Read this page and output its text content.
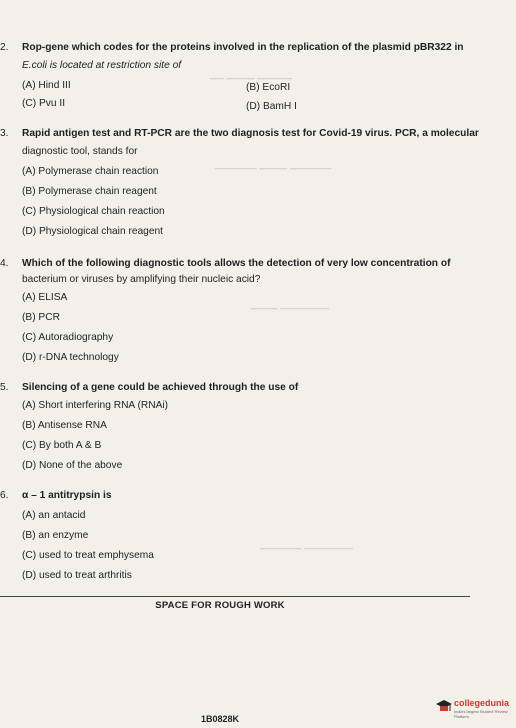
▁▁ ▁▁▁▁ ▁▁▁▁▁
▁▁▁▁▁▁ ▁▁▁▁ ▁▁▁▁▁▁
▁▁▁▁ ▁▁▁▁▁▁▁
▁▁▁▁▁▁ ▁▁▁▁▁▁▁
2. Rop-gene which codes for the proteins involved in the replication of the plasmid pBR322 in
E.coli is located at restriction site of
(A) Hind III	(B) EcoRI
(C) Pvu II	(D) BamH I
3. Rapid antigen test and RT-PCR are the two diagnosis test for Covid-19 virus. PCR, a molecular
diagnostic tool, stands for
(A) Polymerase chain reaction
(B) Polymerase chain reagent
(C) Physiological chain reaction
(D) Physiological chain reagent
4. Which of the following diagnostic tools allows the detection of very low concentration of
bacterium or viruses by amplifying their nucleic acid?
(A) ELISA
(B) PCR
(C) Autoradiography
(D) r-DNA technology
5. Silencing of a gene could be achieved through the use of
(A) Short interfering RNA (RNAi)
(B) Antisense RNA
(C) By both A & B
(D) None of the above
6. α – 1 antitrypsin is
(A) an antacid
(B) an enzyme
(C) used to treat emphysema
(D) used to treat arthritis
SPACE FOR ROUGH WORK
1B0828K
collegedunia
India's largest Student Review Platform
